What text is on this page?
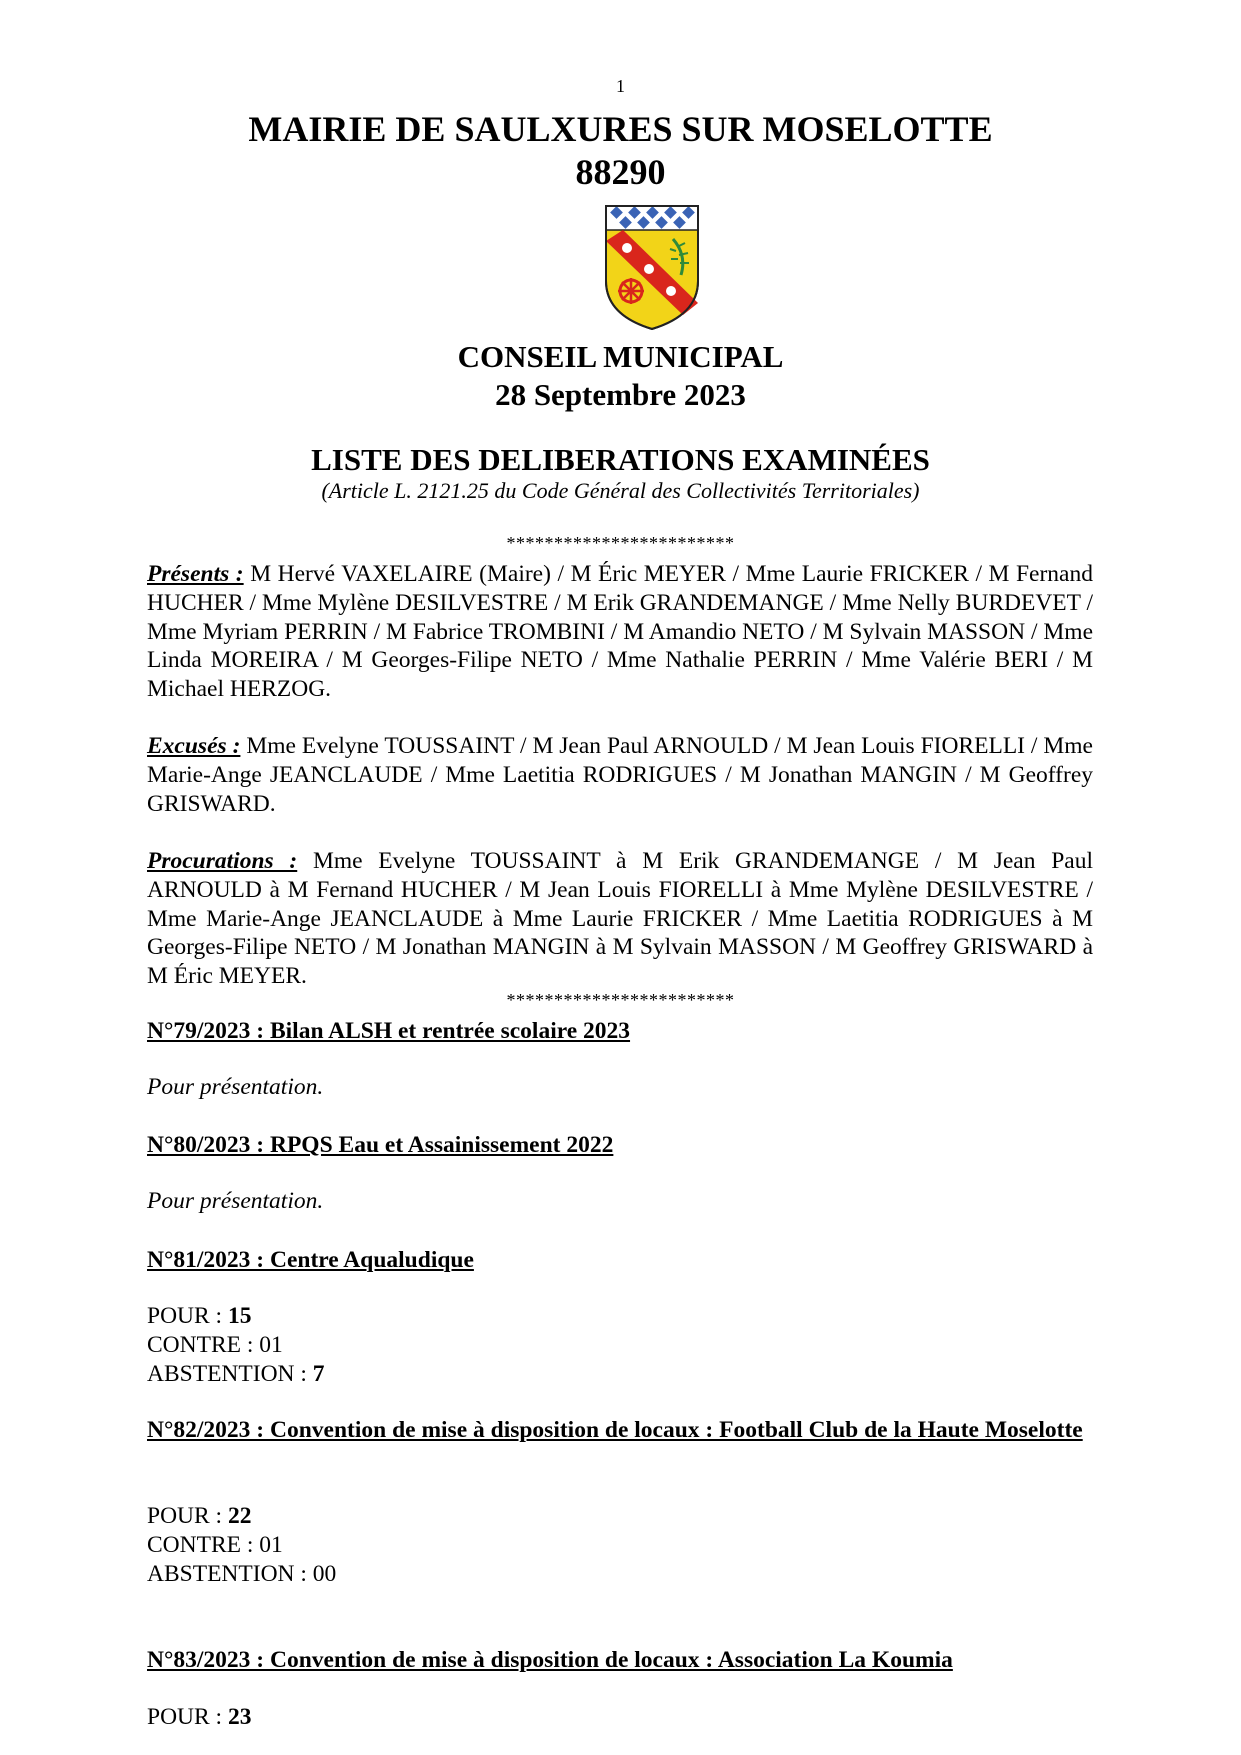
1
MAIRIE DE SAULXURES SUR MOSELOTTE
88290
CONSEIL MUNICIPAL
28 Septembre 2023
LISTE DES DELIBERATIONS EXAMINÉES
(Article L. 2121.25 du Code Général des Collectivités Territoriales)
************************
Présents : M Hervé VAXELAIRE (Maire) / M Éric MEYER / Mme Laurie FRICKER / M Fernand HUCHER / Mme Mylène DESILVESTRE / M Erik GRANDEMANGE / Mme Nelly BURDEVET / Mme Myriam PERRIN / M Fabrice TROMBINI / M Amandio NETO / M Sylvain MASSON / Mme Linda MOREIRA / M Georges-Filipe NETO / Mme Nathalie PERRIN / Mme Valérie BERI / M Michael HERZOG.
Excusés : Mme Evelyne TOUSSAINT / M Jean Paul ARNOULD / M Jean Louis FIORELLI / Mme Marie-Ange JEANCLAUDE / Mme Laetitia RODRIGUES / M Jonathan MANGIN / M Geoffrey GRISWARD.
Procurations : Mme Evelyne TOUSSAINT à M Erik GRANDEMANGE / M Jean Paul ARNOULD à M Fernand HUCHER / M Jean Louis FIORELLI à Mme Mylène DESILVESTRE / Mme Marie-Ange JEANCLAUDE à Mme Laurie FRICKER / Mme Laetitia RODRIGUES à M Georges-Filipe NETO / M Jonathan MANGIN à M Sylvain MASSON / M Geoffrey GRISWARD à M Éric MEYER.
************************
N°79/2023 : Bilan ALSH et rentrée scolaire 2023
Pour présentation.
N°80/2023 : RPQS Eau et Assainissement 2022
Pour présentation.
N°81/2023 : Centre Aqualudique
POUR : 15
CONTRE : 01
ABSTENTION : 7
N°82/2023 : Convention de mise à disposition de locaux : Football Club de la Haute Moselotte
POUR : 22
CONTRE : 01
ABSTENTION : 00
N°83/2023 : Convention de mise à disposition de locaux : Association La Koumia
POUR : 23
